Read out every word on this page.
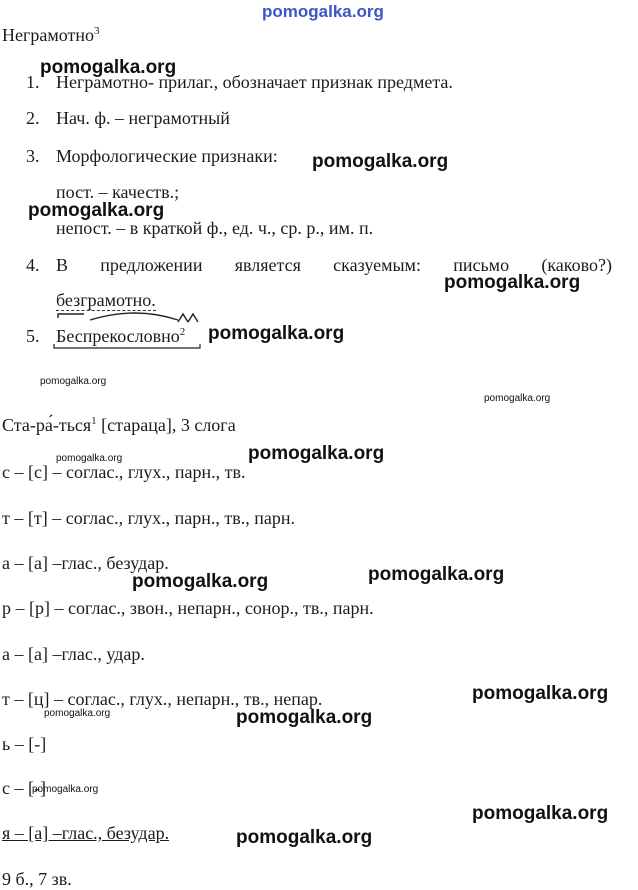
pomogalka.org
Неграмотно$^3$
1. Неграмотно- прилаг., обозначает признак предмета.
2. Нач. ф. – неграмотный
3. Морфологические признаки:
пост. – качеств.;
непост. – в краткой ф., ед. ч., ср. р., им. п.
4. В предложении является сказуемым: письмо (каково?)
безграмотно.
5. Беспрекословно$^2$
Ста-ра́-ться$^1$ [старацa], 3 слога
с – [с] – соглас., глух., парн., тв.
т – [т] – соглас., глух., парн., тв., парн.
а – [а] –глас., безудар.
р – [р] – соглас., звон., непарн., сонор., тв., парн.
а – [а] –глас., удар.
т – [ц] – соглас., глух., непарн., тв., непар.
ь – [-]
с – [-]
я – [а] –глас., безудар.
9 б., 7 зв.
pomogalka.org
pomogalka.org
pomogalka.org
pomogalka.org
pomogalka.org
pomogalka.org
pomogalka.org
pomogalka.org	pomogalka.org
pomogalka.org
pomogalka.org
pomogalka.org
pomogalka.org	pomogalka.org
pomogalka.org
pomogalka.org
pomogalka.org
